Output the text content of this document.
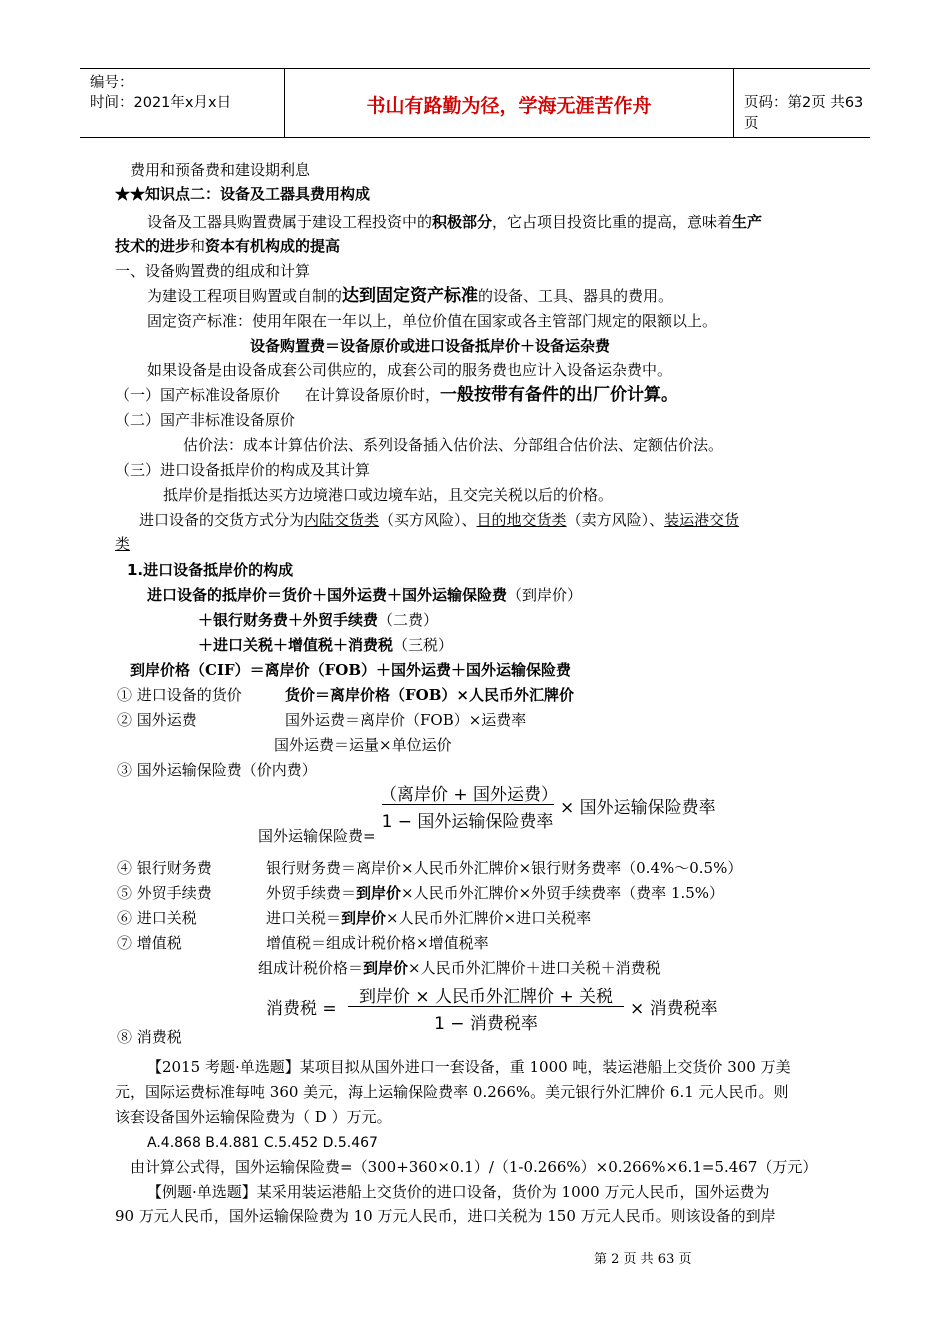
编号：
时间：2021年x月x日	书山有路勤为径，学海无涯苦作舟	页码：第2页 共63页
费用和预备费和建设期利息
★★知识点二：设备及工器具费用构成
设备及工器具购置费属于建设工程投资中的积极部分，它占项目投资比重的提高，意味着生产
技术的进步和资本有机构成的提高
一、设备购置费的组成和计算
为建设工程项目购置或自制的达到固定资产标准的设备、工具、器具的费用。
固定资产标准：使用年限在一年以上，单位价值在国家或各主管部门规定的限额以上。
设备购置费＝设备原价或进口设备抵岸价＋设备运杂费
如果设备是由设备成套公司供应的，成套公司的服务费也应计入设备运杂费中。
（一）国产标准设备原价 在计算设备原价时，一般按带有备件的出厂价计算。
（二）国产非标准设备原价
估价法：成本计算估价法、系列设备插入估价法、分部组合估价法、定额估价法。
（三）进口设备抵岸价的构成及其计算
抵岸价是指抵达买方边境港口或边境车站，且交完关税以后的价格。
进口设备的交货方式分为内陆交货类（买方风险）、目的地交货类（卖方风险）、装运港交货
类
1.进口设备抵岸价的构成
进口设备的抵岸价＝货价＋国外运费＋国外运输保险费（到岸价）
＋银行财务费＋外贸手续费（二费）
＋进口关税＋增值税＋消费税（三税）
到岸价格（CIF）＝离岸价（FOB）＋国外运费＋国外运输保险费
① 进口设备的货价	货价＝离岸价格（FOB）×人民币外汇牌价
② 国外运费	国外运费＝离岸价（FOB）×运费率
国外运费＝运量×单位运价
③ 国外运输保险费（价内费）
（离岸价 + 国外运费）
1 − 国外运输保险费率
× 国外运输保险费率
国外运输保险费=
④ 银行财务费	银行财务费＝离岸价×人民币外汇牌价×银行财务费率（0.4%～0.5%）
⑤ 外贸手续费	外贸手续费＝到岸价×人民币外汇牌价×外贸手续费率（费率 1.5%）
⑥ 进口关税	进口关税＝到岸价×人民币外汇牌价×进口关税率
⑦ 增值税	增值税＝组成计税价格×增值税率
组成计税价格＝到岸价×人民币外汇牌价＋进口关税＋消费税
消费税 =
到岸价 × 人民币外汇牌价 + 关税
1 − 消费税率
× 消费税率
⑧ 消费税
【2015 考题·单选题】某项目拟从国外进口一套设备，重 1000 吨，装运港船上交货价 300 万美
元，国际运费标准每吨 360 美元，海上运输保险费率 0.266%。美元银行外汇牌价 6.1 元人民币。则
该套设备国外运输保险费为（ D ）万元。
A.4.868 B.4.881 C.5.452 D.5.467
由计算公式得，国外运输保险费=（300+360×0.1）/（1-0.266%）×0.266%×6.1=5.467（万元）
【例题·单选题】某采用装运港船上交货价的进口设备，货价为 1000 万元人民币，国外运费为
90 万元人民币，国外运输保险费为 10 万元人民币，进口关税为 150 万元人民币。则该设备的到岸
第 2 页 共 63 页
